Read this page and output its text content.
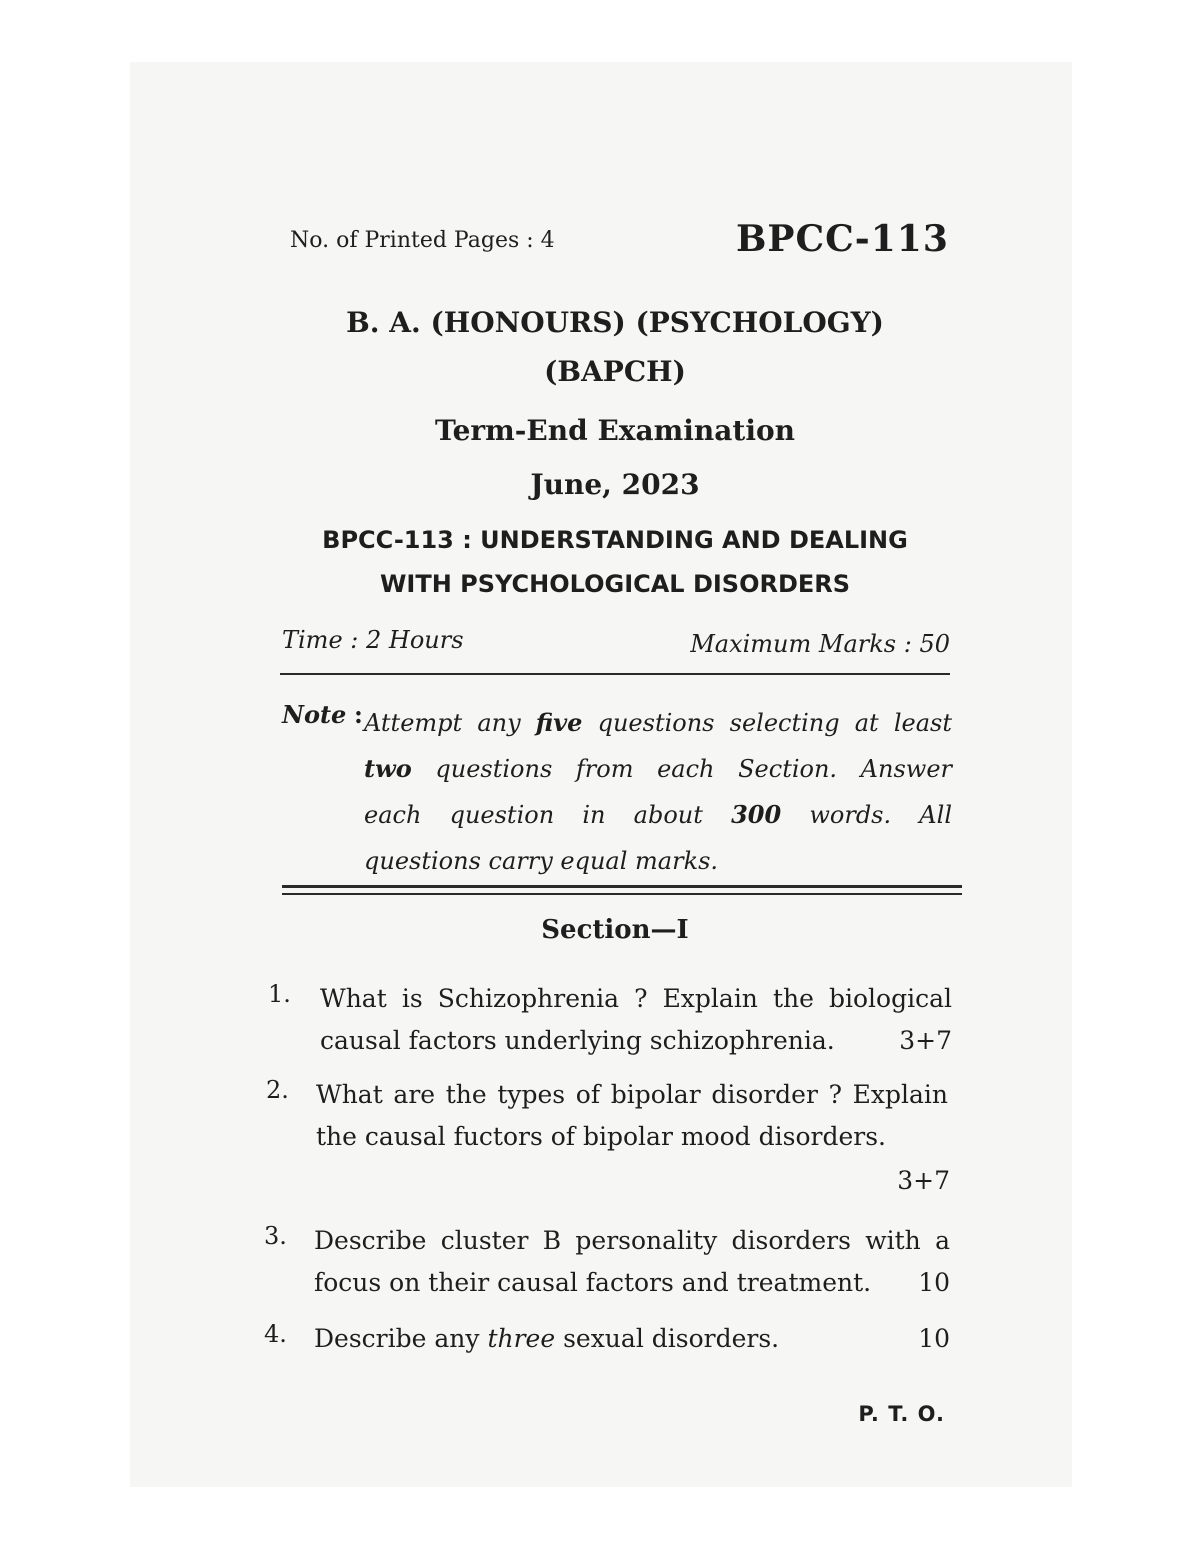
No. of Printed Pages : 4	BPCC-113
B. A. (HONOURS) (PSYCHOLOGY)
(BAPCH)
Term-End Examination
June, 2023
BPCC-113 : UNDERSTANDING AND DEALING
WITH PSYCHOLOGICAL DISORDERS
Time : 2 Hours	Maximum Marks : 50
Note : Attempt any five questions selecting at least
two questions from each Section. Answer
each question in about 300 words. All
questions carry equal marks.
Section—I
1. What is Schizophrenia ? Explain the biological
causal factors underlying schizophrenia.	3+7
2. What are the types of bipolar disorder ? Explain
the causal fuctors of bipolar mood disorders.
3+7
3. Describe cluster B personality disorders with a
focus on their causal factors and treatment. 10
4. Describe any three sexual disorders.	10
P. T. O.
